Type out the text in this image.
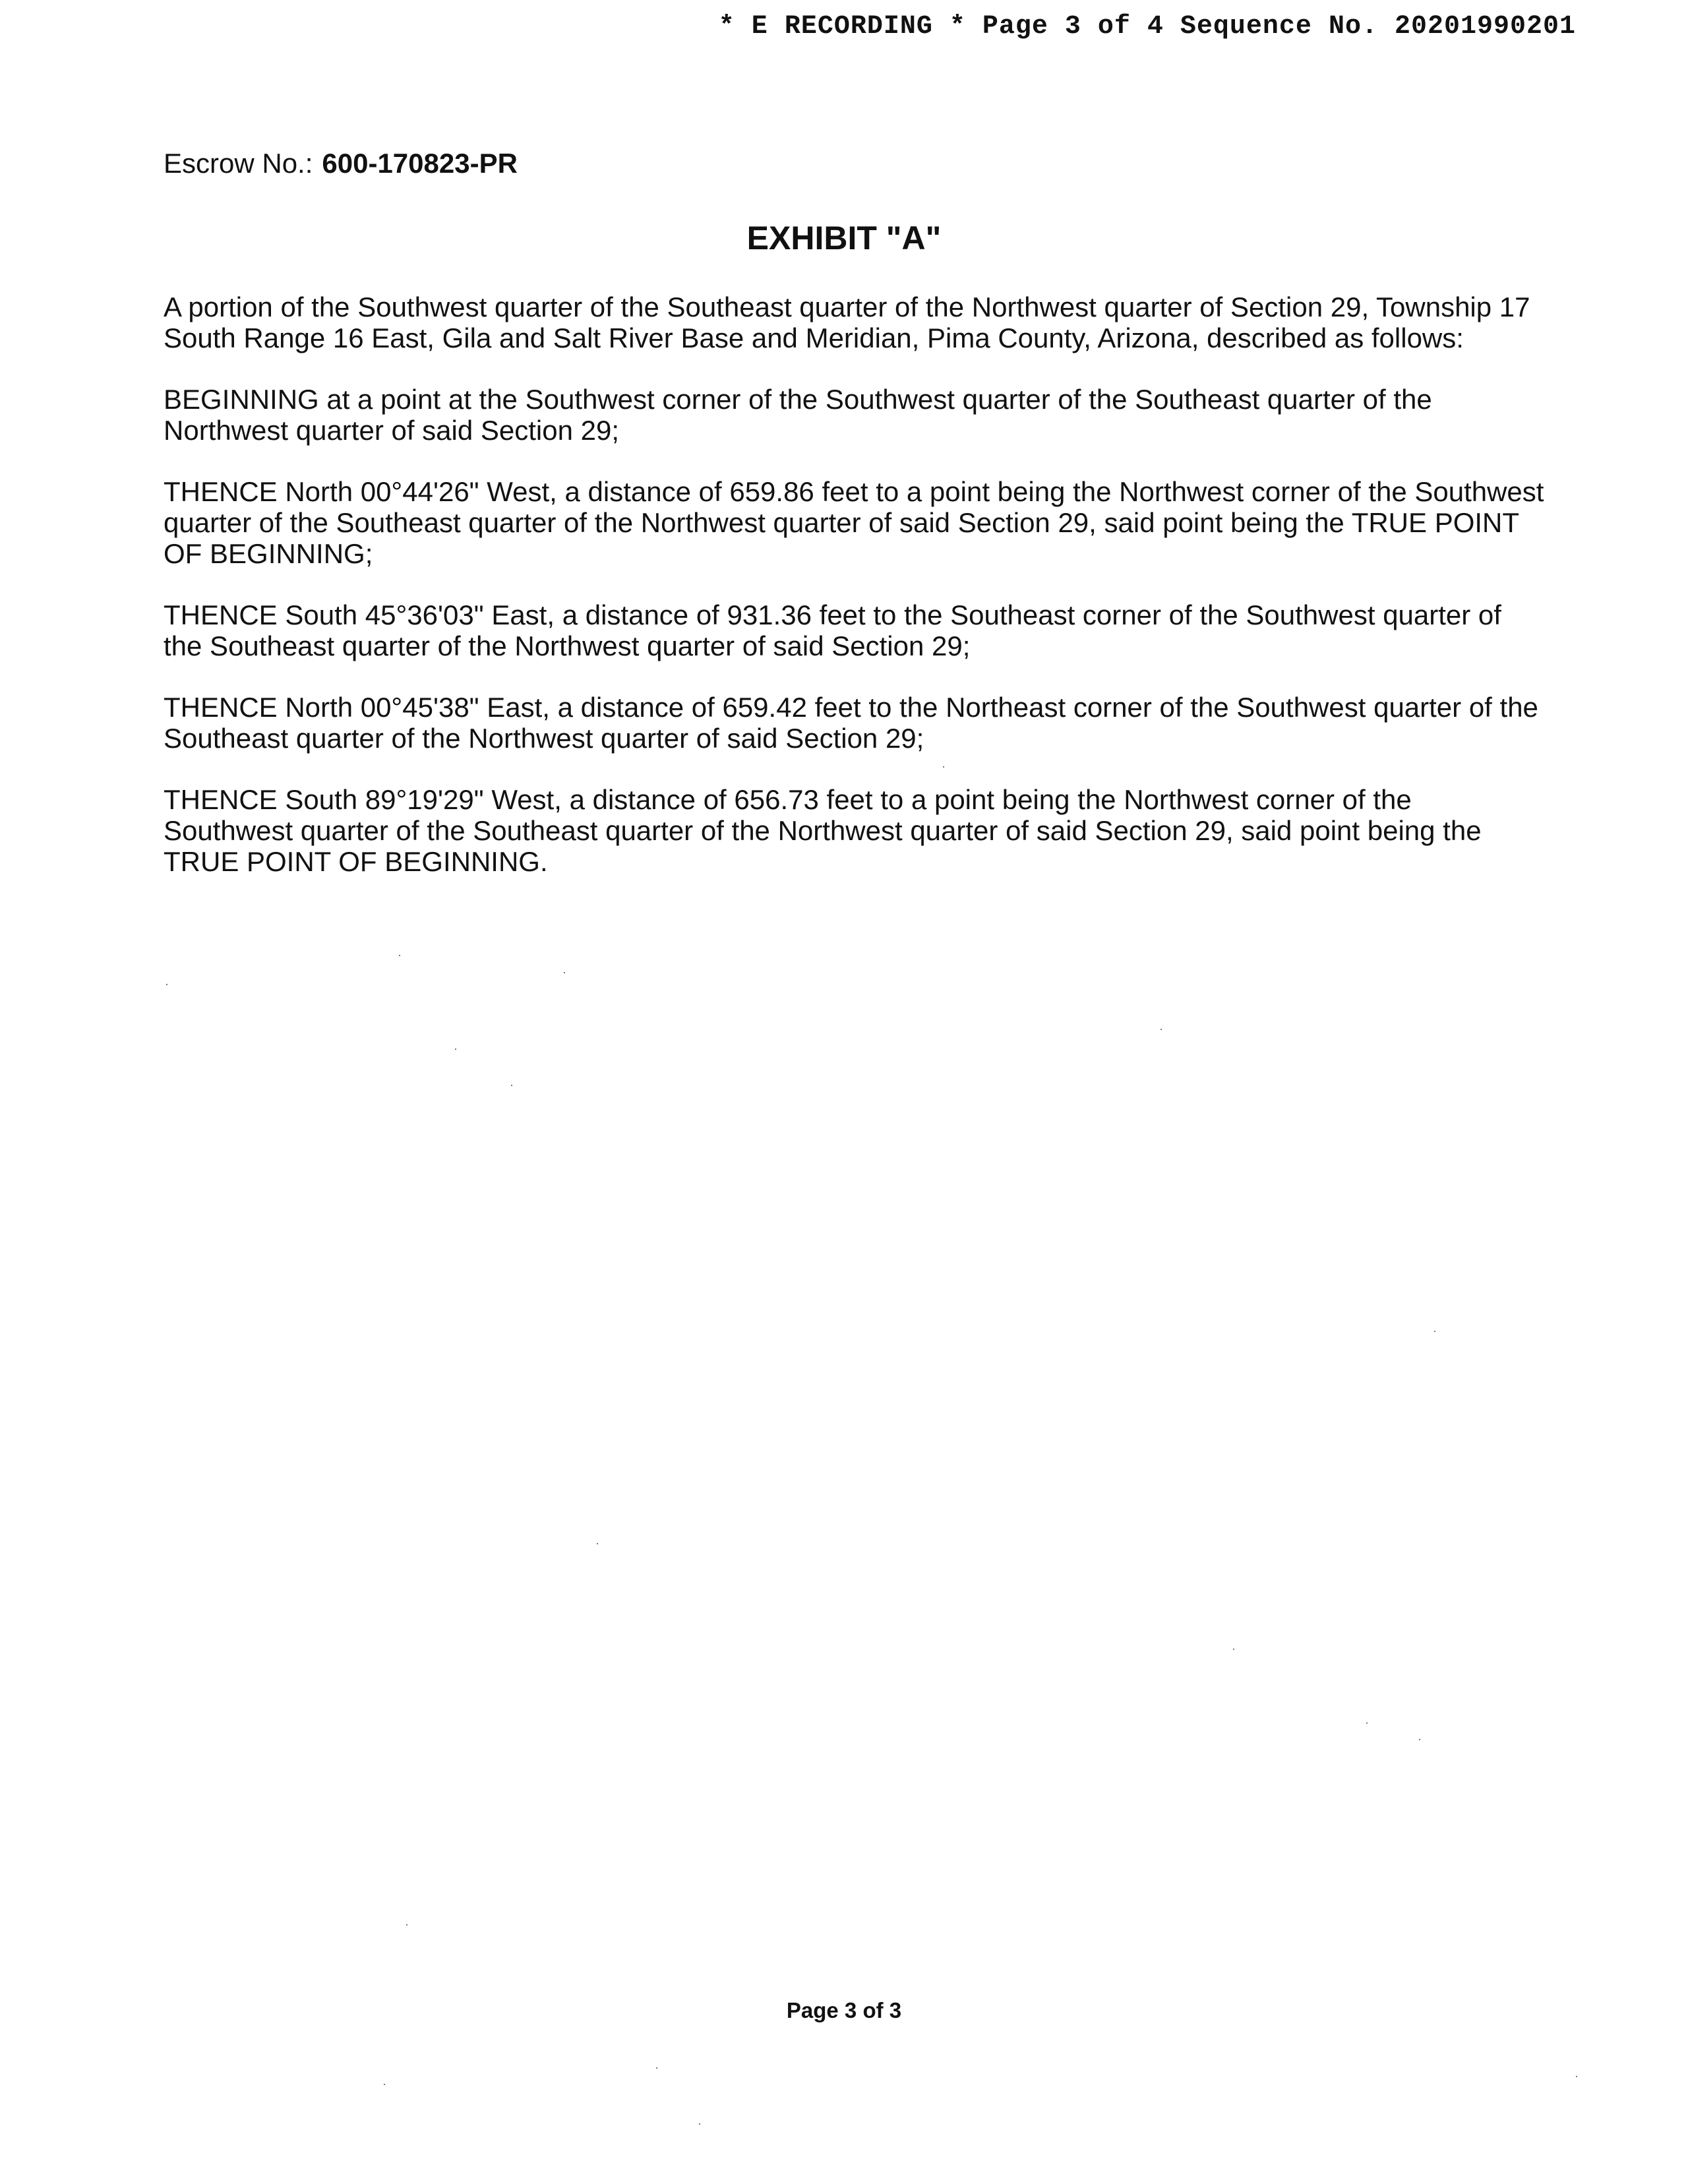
* E RECORDING * Page 3 of 4 Sequence No. 20201990201
Escrow No.: 600-170823-PR
EXHIBIT "A"

A portion of the Southwest quarter of the Southeast quarter of the Northwest quarter of Section 29, Township 17 South Range 16 East, Gila and Salt River Base and Meridian, Pima County, Arizona, described as follows:

BEGINNING at a point at the Southwest corner of the Southwest quarter of the Southeast quarter of the Northwest quarter of said Section 29;

THENCE North 00°44'26" West, a distance of 659.86 feet to a point being the Northwest corner of the Southwest quarter of the Southeast quarter of the Northwest quarter of said Section 29, said point being the TRUE POINT OF BEGINNING;

THENCE South 45°36'03" East, a distance of 931.36 feet to the Southeast corner of the Southwest quarter of the Southeast quarter of the Northwest quarter of said Section 29;

THENCE North 00°45'38" East, a distance of 659.42 feet to the Northeast corner of the Southwest quarter of the Southeast quarter of the Northwest quarter of said Section 29;

THENCE South 89°19'29" West, a distance of 656.73 feet to a point being the Northwest corner of the Southwest quarter of the Southeast quarter of the Northwest quarter of said Section 29, said point being the TRUE POINT OF BEGINNING.

Page 3 of 3
